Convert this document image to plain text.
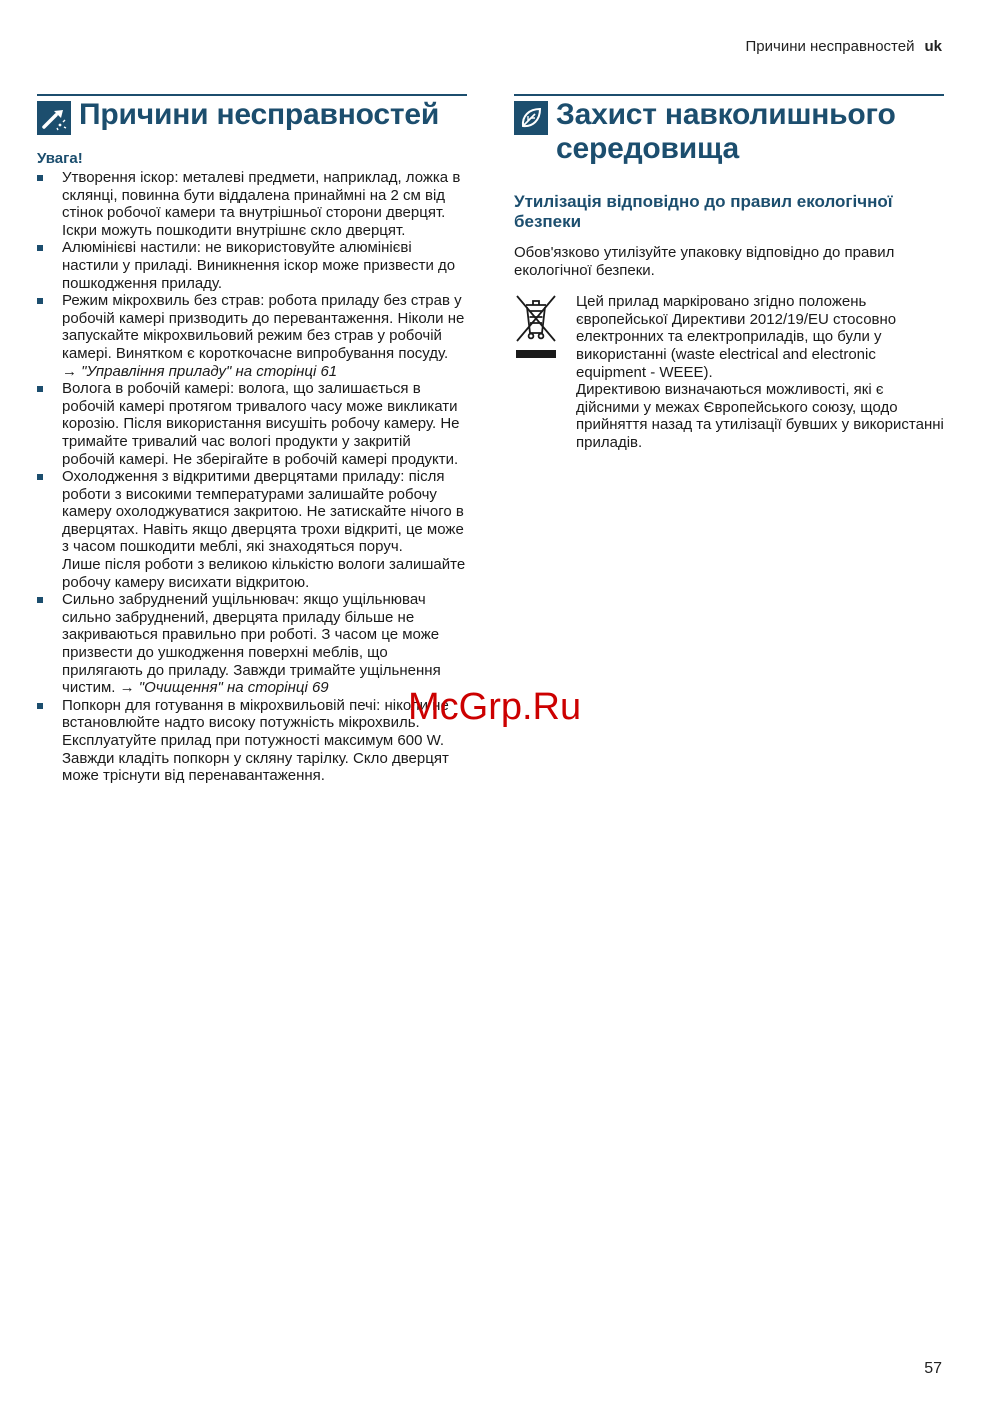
Причини несправностей uk
Причини несправностей
Увага!
Утворення іскор: металеві предмети, наприклад, ложка в склянці, повинна бути віддалена принаймні на 2 см від стінок робочої камери та внутрішньої сторони дверцят. Іскри можуть пошкодити внутрішнє скло дверцят.
Алюмінієві настили: не використовуйте алюмінієві настили у приладі. Виникнення іскор може призвести до пошкодження приладу.
Режим мікрохвиль без страв: робота приладу без страв у робочій камері призводить до перевантаження. Ніколи не запускайте мікрохвильовий режим без страв у робочій камері. Винятком є короткочасне випробування посуду.
→ "Управління приладу" на сторінці 61
Вологa в робочій камері: волога, що залишається в робочій камері протягом тривалого часу може викликати корозію. Після використання висушіть робочу камеру. Не тримайте тривалий час вологі продукти у закритій робочій камері. Не зберігайте в робочій камері продукти.
Охолодження з відкритими дверцятами приладу: після роботи з високими температурами залишайте робочу камеру охолоджуватися закритою. Не затискайте нічого в дверцятах. Навіть якщо дверцята трохи відкриті, це може з часом пошкодити меблі, які знаходяться поруч.
Лише після роботи з великою кількістю вологи залишайте робочу камеру висихати відкритою.
Сильно забруднений ущільнювач: якщо ущільнювач сильно забруднений, дверцята приладу більше не закриваються правильно при роботі. З часом це може призвести до ушкодження поверхні меблів, що прилягають до приладу. Завжди тримайте ущільнення чистим. → "Очищення" на сторінці 69
Попкорн для готування в мікрохвильовій печі: ніколи не встановлюйте надто високу потужність мікрохвиль. Експлуатуйте прилад при потужності максимум 600 W. Завжди кладіть попкорн у скляну тарілку. Скло дверцят може тріснути від перенавантаження.
Захист навколишнього середовища
Утилізація відповідно до правил екологічної безпеки
Обов'язково утилізуйте упаковку відповідно до правил екологічної безпеки.
Цей прилад маркіровано згідно положень європейської Директиви 2012/19/EU стосовно електронних та електроприладів, що були у використанні (waste electrical and electronic equipment - WEEE).
Директивою визначаються можливості, які є дійсними у межах Європейського союзу, щодо прийняття назад та утилізації бувших у використанні приладів.
McGrp.Ru
57
